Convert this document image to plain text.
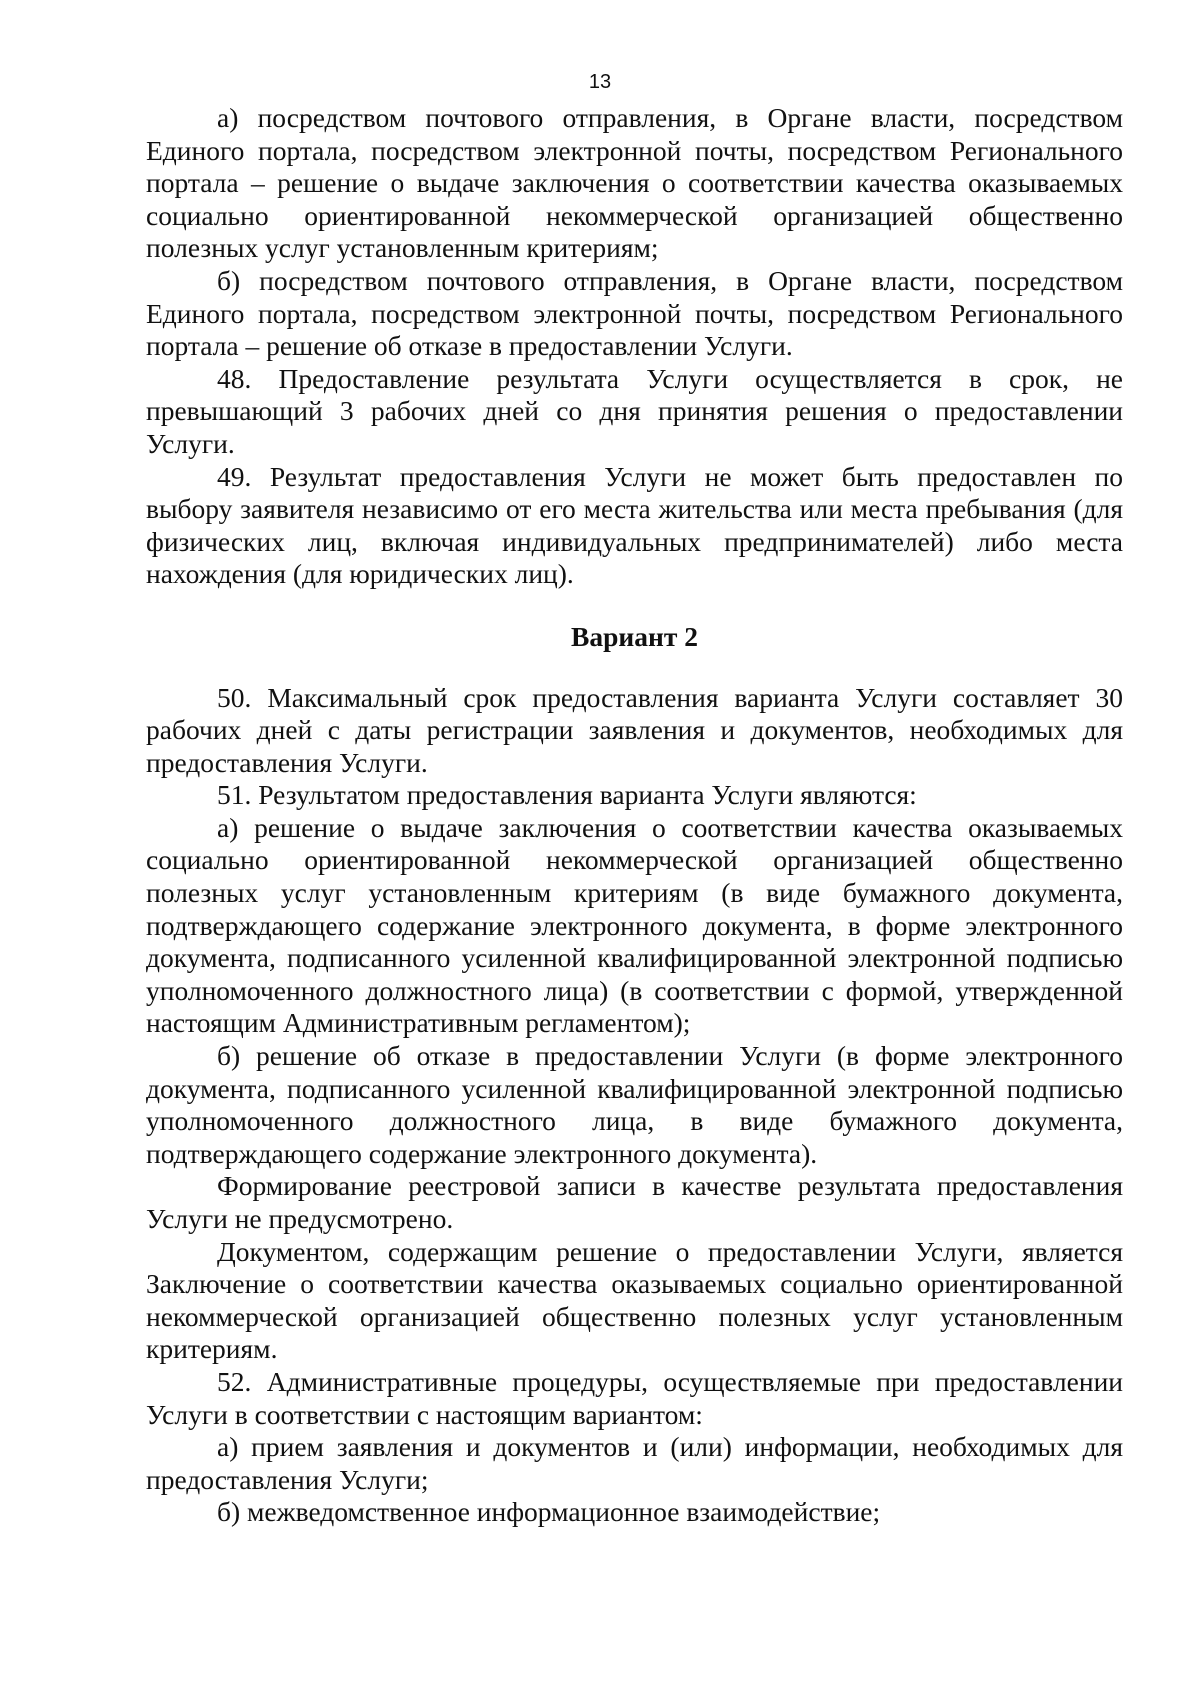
13

а) посредством почтового отправления, в Органе власти, посредством Единого портала, посредством электронной почты, посредством Регионального портала – решение о выдаче заключения о соответствии качества оказываемых социально ориентированной некоммерческой организацией общественно полезных услуг установленным критериям;

б) посредством почтового отправления, в Органе власти, посредством Единого портала, посредством электронной почты, посредством Регионального портала – решение об отказе в предоставлении Услуги.

48. Предоставление результата Услуги осуществляется в срок, не превышающий 3 рабочих дней со дня принятия решения о предоставлении Услуги.

49. Результат предоставления Услуги не может быть предоставлен по выбору заявителя независимо от его места жительства или места пребывания (для физических лиц, включая индивидуальных предпринимателей) либо места нахождения (для юридических лиц).

Вариант 2

50. Максимальный срок предоставления варианта Услуги составляет 30 рабочих дней с даты регистрации заявления и документов, необходимых для предоставления Услуги.

51. Результатом предоставления варианта Услуги являются:

а) решение о выдаче заключения о соответствии качества оказываемых социально ориентированной некоммерческой организацией общественно полезных услуг установленным критериям (в виде бумажного документа, подтверждающего содержание электронного документа, в форме электронного документа, подписанного усиленной квалифицированной электронной подписью уполномоченного должностного лица) (в соответствии с формой, утвержденной настоящим Административным регламентом);

б) решение об отказе в предоставлении Услуги (в форме электронного документа, подписанного усиленной квалифицированной электронной подписью уполномоченного должностного лица, в виде бумажного документа, подтверждающего содержание электронного документа).

Формирование реестровой записи в качестве результата предоставления Услуги не предусмотрено.

Документом, содержащим решение о предоставлении Услуги, является Заключение о соответствии качества оказываемых социально ориентированной некоммерческой организацией общественно полезных услуг установленным критериям.

52. Административные процедуры, осуществляемые при предоставлении Услуги в соответствии с настоящим вариантом:

а) прием заявления и документов и (или) информации, необходимых для предоставления Услуги;

б) межведомственное информационное взаимодействие;
